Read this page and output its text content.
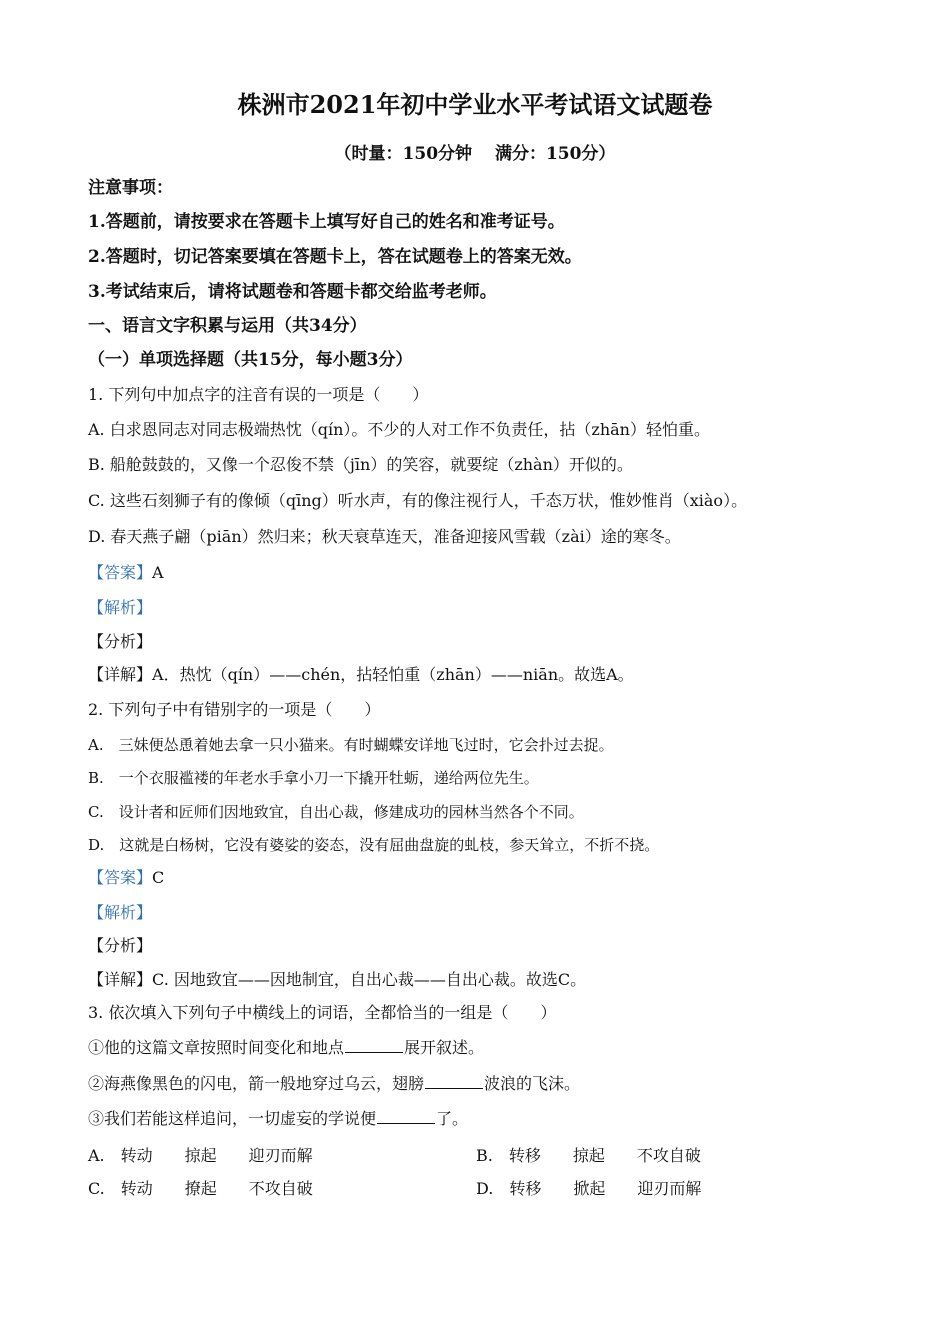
株洲市2021年初中学业水平考试语文试题卷
（时量：150分钟　 满分：150分）
注意事项：
1.答题前，请按要求在答题卡上填写好自己的姓名和准考证号。
2.答题时，切记答案要填在答题卡上，答在试题卷上的答案无效。
3.考试结束后，请将试题卷和答题卡都交给监考老师。
一、语言文字积累与运用（共34分）
（一）单项选择题（共15分，每小题3分）
1. 下列句中加点字的注音有误的一项是（　　）
A. 白求恩同志对同志极端热忱（qín）。不少的人对工作不负责任，拈（zhān）轻怕重。
B. 船舱鼓鼓的，又像一个忍俊不禁（jīn）的笑容，就要绽（zhàn）开似的。
C. 这些石刻狮子有的像倾（qīng）听水声，有的像注视行人，千态万状，惟妙惟肖（xiào）。
D. 春天燕子翩（piān）然归来；秋天衰草连天，准备迎接风雪载（zài）途的寒冬。
【答案】A
【解析】
【分析】
【详解】A．热忱（qín）——chén，拈轻怕重（zhān）——niān。故选A。
2. 下列句子中有错别字的一项是（　　）
A.　三妹便怂恿着她去拿一只小猫来。有时蝴蝶安详地飞过时，它会扑过去捉。
B.　一个衣服褴褛的年老水手拿小刀一下撬开牡蛎，递给两位先生。
C.　设计者和匠师们因地致宜，自出心裁，修建成功的园林当然各个不同。
D.　这就是白杨树，它没有婆娑的姿态，没有屈曲盘旋的虬枝，参天耸立，不折不挠。
【答案】C
【解析】
【分析】
【详解】C. 因地致宜——因地制宜，自出心裁——自出心裁。故选C。
3. 依次填入下列句子中横线上的词语，全都恰当的一组是（　　）
①他的这篇文章按照时间变化和地点	展开叙述。
②海燕像黑色的闪电，箭一般地穿过乌云，翅膀	波浪的飞沫。
③我们若能这样追问，一切虚妄的学说便	了。
A.　转动　　掠起　　迎刃而解	B.　转移　　掠起　　不攻自破
C.　转动　　撩起　　不攻自破	D.　转移　　掀起　　迎刃而解
